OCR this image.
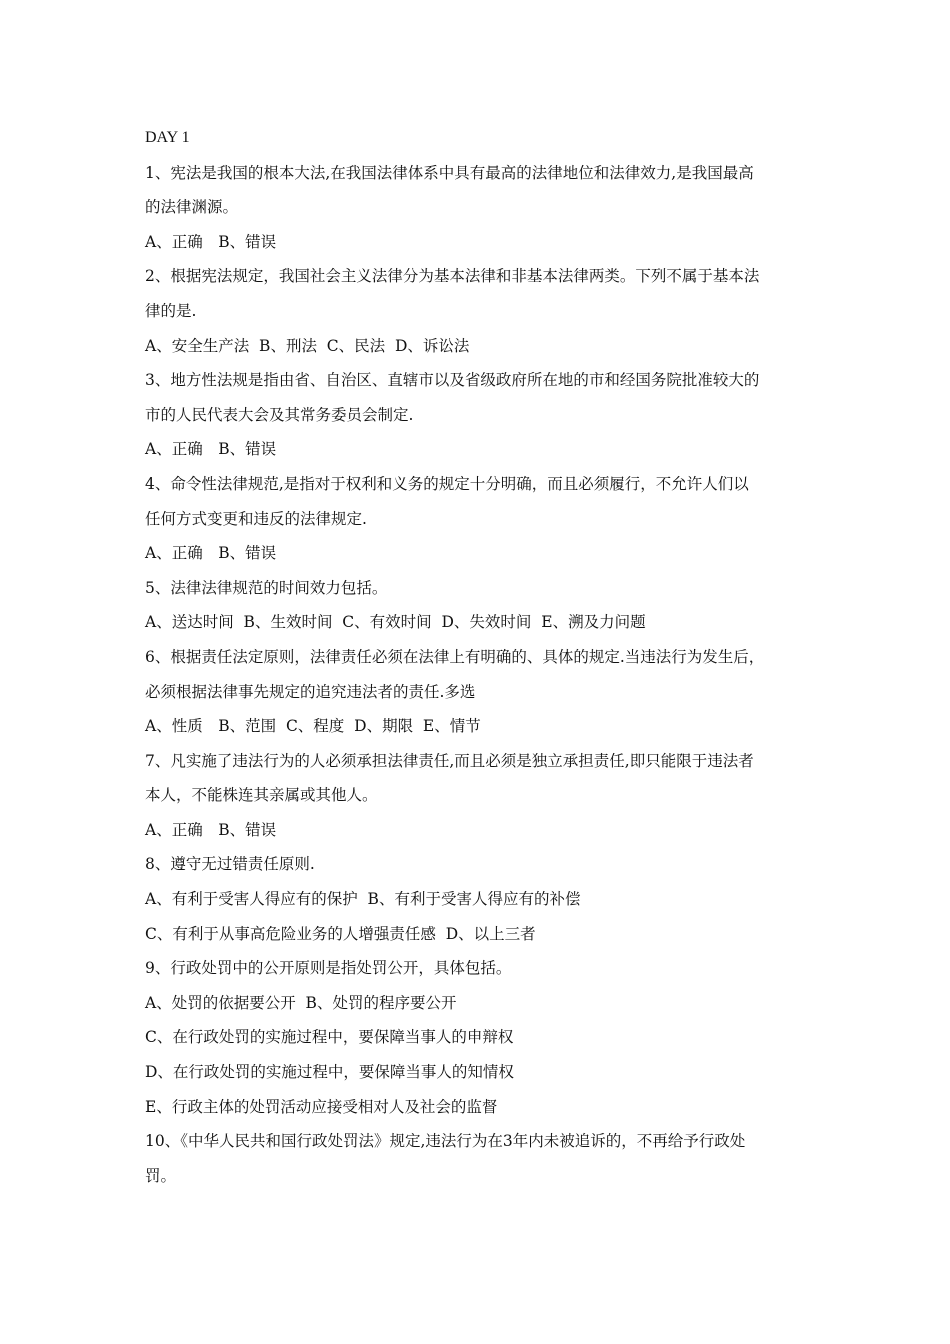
DAY 1
1、宪法是我国的根本大法,在我国法律体系中具有最高的法律地位和法律效力,是我国最高
的法律渊源。
A、正确　B、错误
2、根据宪法规定，我国社会主义法律分为基本法律和非基本法律两类。下列不属于基本法
律的是.
A、安全生产法  B、刑法  C、民法  D、诉讼法
3、地方性法规是指由省、自治区、直辖市以及省级政府所在地的市和经国务院批准较大的
市的人民代表大会及其常务委员会制定.
A、正确　B、错误
4、命令性法律规范,是指对于权利和义务的规定十分明确，而且必须履行，不允许人们以
任何方式变更和违反的法律规定.
A、正确　B、错误
5、法律法律规范的时间效力包括。
A、送达时间  B、生效时间  C、有效时间  D、失效时间  E、溯及力问题
6、根据责任法定原则，法律责任必须在法律上有明确的、具体的规定.当违法行为发生后，
必须根据法律事先规定的追究违法者的责任.多选
A、性质　B、范围  C、程度  D、期限  E、情节
7、凡实施了违法行为的人必须承担法律责任,而且必须是独立承担责任,即只能限于违法者
本人，不能株连其亲属或其他人。
A、正确　B、错误
8、遵守无过错责任原则.
A、有利于受害人得应有的保护  B、有利于受害人得应有的补偿
C、有利于从事高危险业务的人增强责任感  D、以上三者
9、行政处罚中的公开原则是指处罚公开，具体包括。
A、处罚的依据要公开  B、处罚的程序要公开
C、在行政处罚的实施过程中，要保障当事人的申辩权
D、在行政处罚的实施过程中，要保障当事人的知情权
E、行政主体的处罚活动应接受相对人及社会的监督
10、《中华人民共和国行政处罚法》规定,违法行为在3年内未被追诉的，不再给予行政处
罚。
